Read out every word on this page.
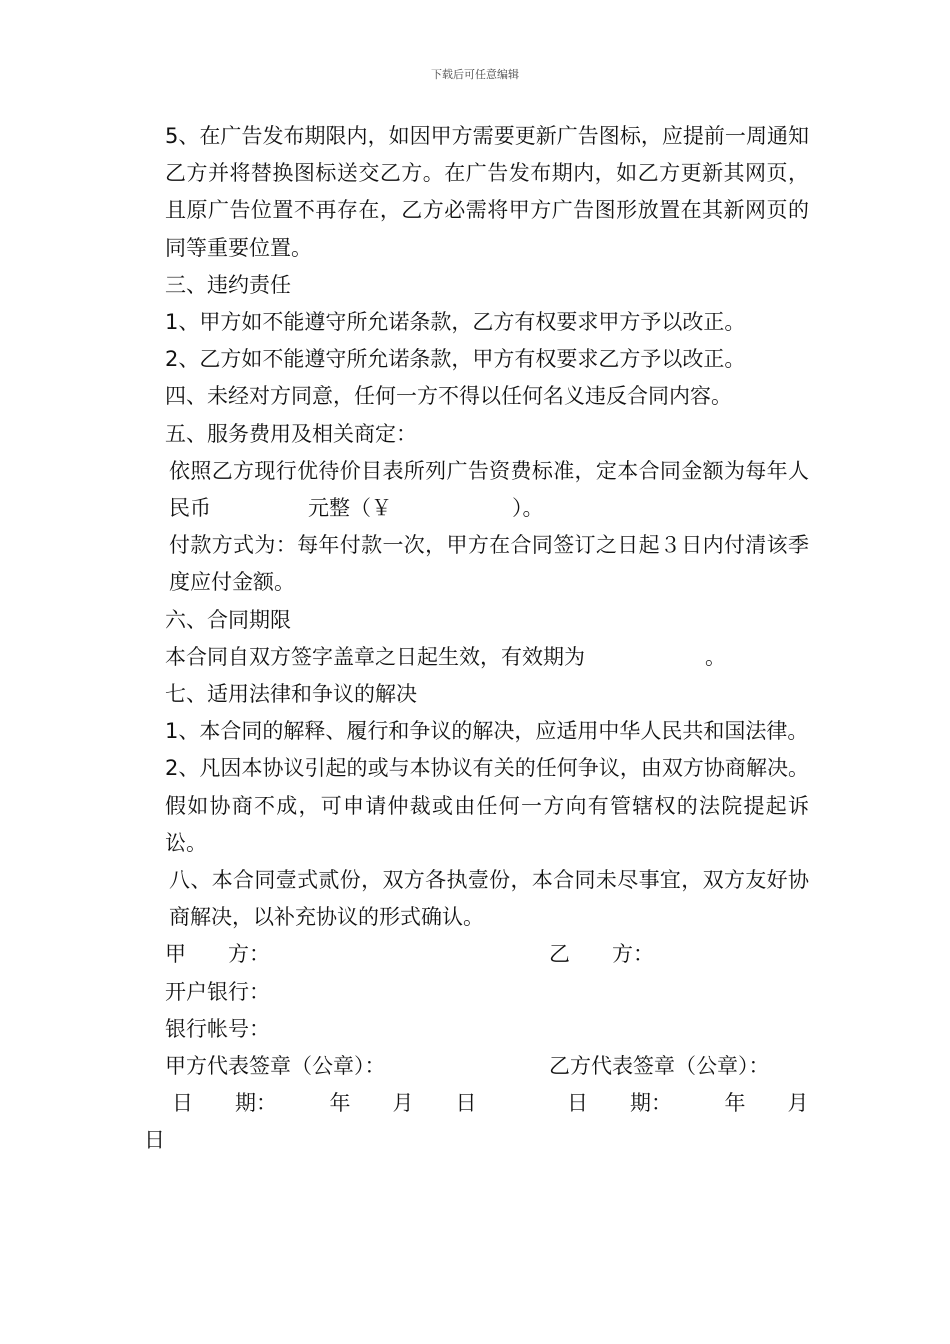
下载后可任意编辑

5、在广告发布期限内，如因甲方需要更新广告图标，应提前一周通知乙方并将替换图标送交乙方。在广告发布期内，如乙方更新其网页，且原广告位置不再存在，乙方必需将甲方广告图形放置在其新网页的同等重要位置。

三、违约责任

1、甲方如不能遵守所允诺条款，乙方有权要求甲方予以改正。

2、乙方如不能遵守所允诺条款，甲方有权要求乙方予以改正。

四、未经对方同意，任何一方不得以任何名义违反合同内容。

五、服务费用及相关商定：

依照乙方现行优待价目表所列广告资费标准，定本合同金额为每年人民币	元整（￥	）。

付款方式为：每年付款一次，甲方在合同签订之日起３日内付清该季度应付金额。

六、合同期限

本合同自双方签字盖章之日起生效，有效期为	。

七、适用法律和争议的解决

1、本合同的解释、履行和争议的解决，应适用中华人民共和国法律。

2、凡因本协议引起的或与本协议有关的任何争议，由双方协商解决。假如协商不成，可申请仲裁或由任何一方向有管辖权的法院提起诉讼。

八、本合同壹式贰份，双方各执壹份，本合同未尽事宜，双方友好协商解决，以补充协议的形式确认。

甲　　方：	乙　　方：
开户银行：
银行帐号：
甲方代表签章（公章）：	乙方代表签章（公章）：
日　　期：　　　年　　月　　日	日　　期：　　　年　　月
日
